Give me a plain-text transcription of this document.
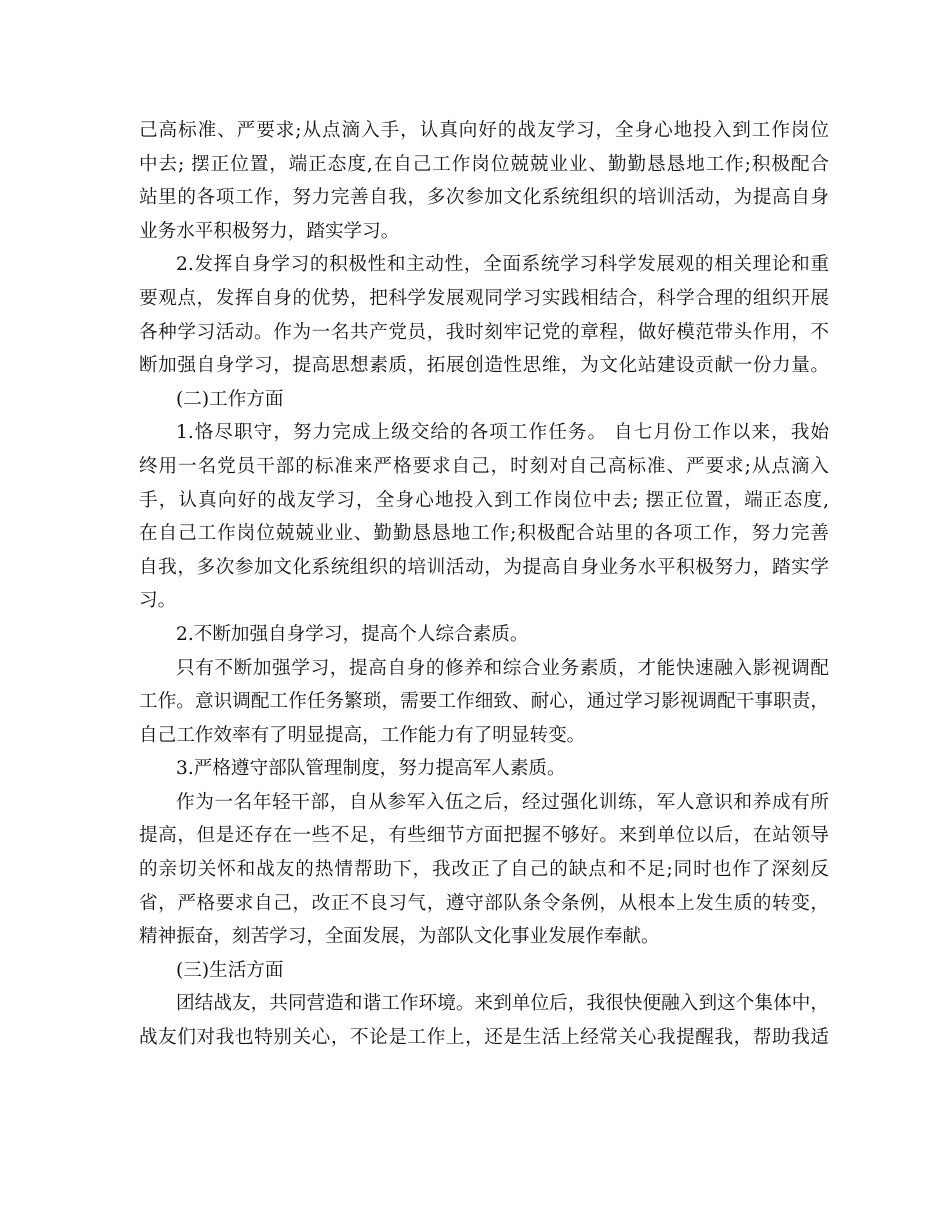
己高标准、严要求;从点滴入手，认真向好的战友学习，全身心地投入到工作岗位
中去; 摆正位置，端正态度,在自己工作岗位兢兢业业、勤勤恳恳地工作;积极配合
站里的各项工作，努力完善自我，多次参加文化系统组织的培训活动，为提高自身
业务水平积极努力，踏实学习。
2.发挥自身学习的积极性和主动性，全面系统学习科学发展观的相关理论和重
要观点，发挥自身的优势，把科学发展观同学习实践相结合，科学合理的组织开展
各种学习活动。作为一名共产党员，我时刻牢记党的章程，做好模范带头作用，不
断加强自身学习，提高思想素质，拓展创造性思维，为文化站建设贡献一份力量。
(二)工作方面
1.恪尽职守，努力完成上级交给的各项工作任务。 自七月份工作以来，我始
终用一名党员干部的标准来严格要求自己，时刻对自己高标准、严要求;从点滴入
手，认真向好的战友学习，全身心地投入到工作岗位中去; 摆正位置，端正态度,
在自己工作岗位兢兢业业、勤勤恳恳地工作;积极配合站里的各项工作，努力完善
自我，多次参加文化系统组织的培训活动，为提高自身业务水平积极努力，踏实学
习。
2.不断加强自身学习，提高个人综合素质。
只有不断加强学习，提高自身的修养和综合业务素质，才能快速融入影视调配
工作。意识调配工作任务繁琐，需要工作细致、耐心，通过学习影视调配干事职责，
自己工作效率有了明显提高，工作能力有了明显转变。
3.严格遵守部队管理制度，努力提高军人素质。
作为一名年轻干部，自从参军入伍之后，经过强化训练，军人意识和养成有所
提高，但是还存在一些不足，有些细节方面把握不够好。来到单位以后，在站领导
的亲切关怀和战友的热情帮助下，我改正了自己的缺点和不足;同时也作了深刻反
省，严格要求自己，改正不良习气，遵守部队条令条例，从根本上发生质的转变，
精神振奋，刻苦学习，全面发展，为部队文化事业发展作奉献。
(三)生活方面
团结战友，共同营造和谐工作环境。来到单位后，我很快便融入到这个集体中，
战友们对我也特别关心，不论是工作上，还是生活上经常关心我提醒我，帮助我适
